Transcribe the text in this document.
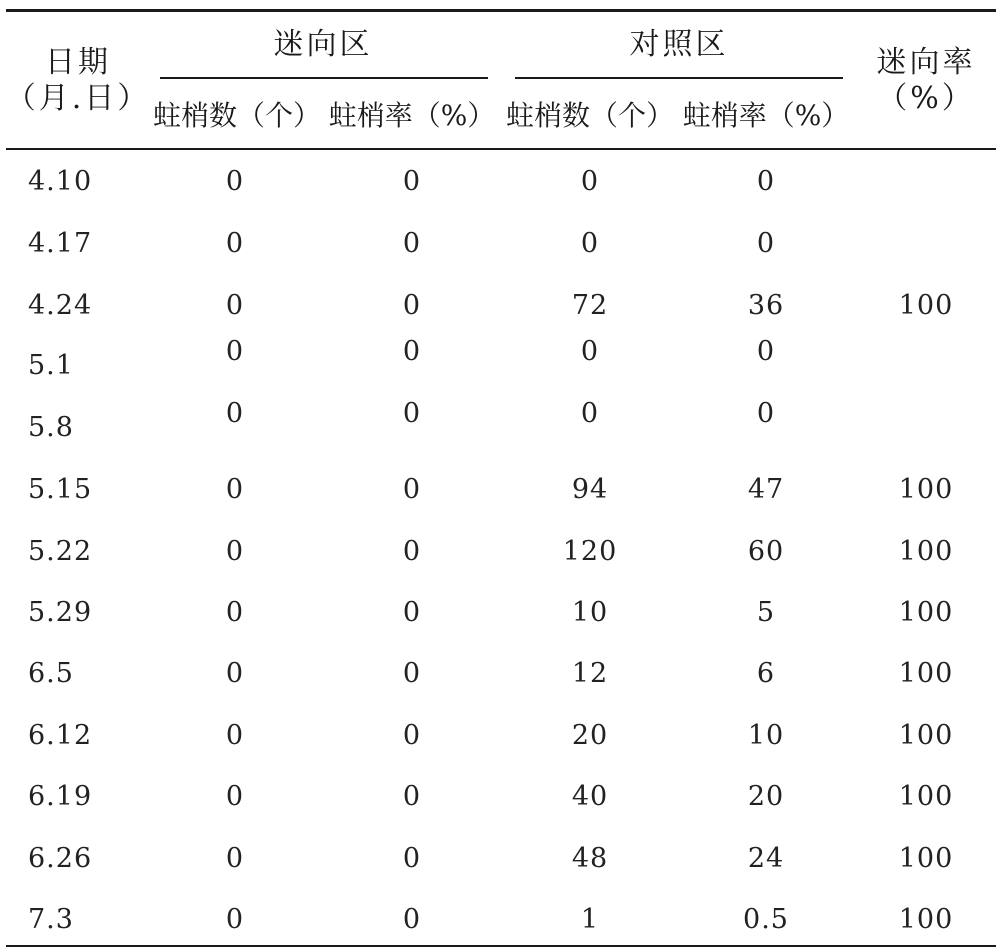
日期
（月.日）
迷向区	对照区
迷向率
（%）
蛀梢数（个） 蛀梢率（%） 蛀梢数（个） 蛀梢率（%）
4.10	0	0	0	0
4.17	0	0	0	0
4.24	0	0	72	36	100
5.1	0	0	0	0
5.8	0	0	0	0
5.15	0	0	94	47	100
5.22	0	0	120	60	100
5.29	0	0	10	5	100
6.5	0	0	12	6	100
6.12	0	0	20	10	100
6.19	0	0	40	20	100
6.26	0	0	48	24	100
7.3	0	0	1	0.5	100
